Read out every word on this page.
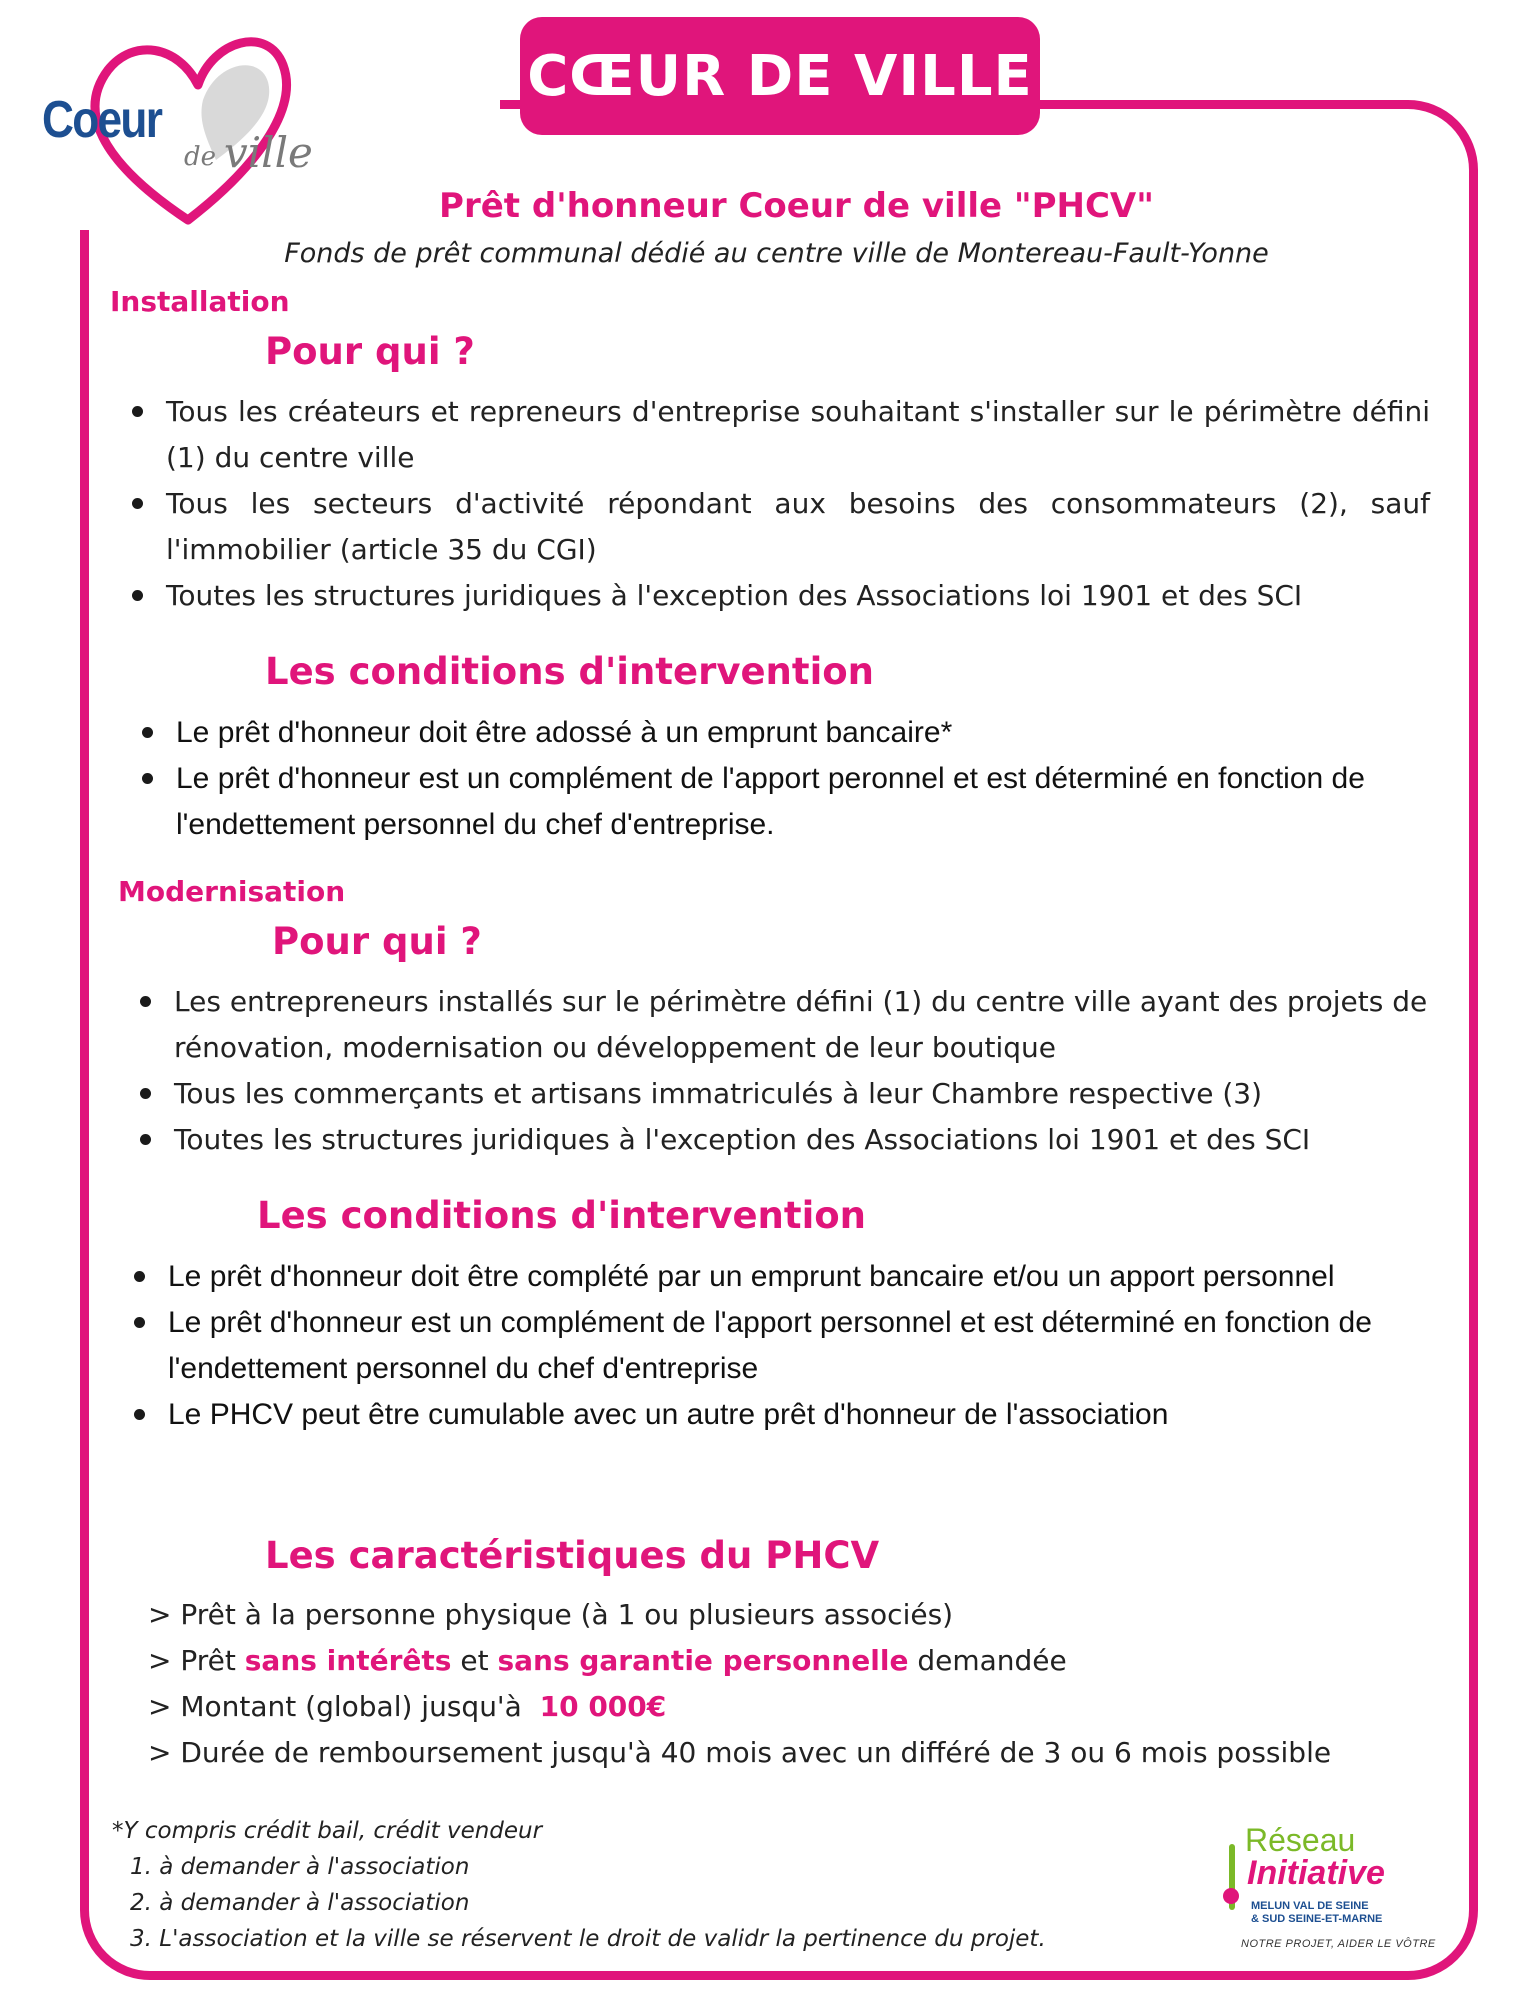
CŒUR DE VILLE
Coeur
de ville
Prêt d'honneur Coeur de ville "PHCV"
Fonds de prêt communal dédié au centre ville de Montereau-Fault-Yonne
Installation
Pour qui ?
Tous les créateurs et repreneurs d'entreprise souhaitant s'installer sur le périmètre défini (1) du centre ville
Tous les secteurs d'activité répondant aux besoins des consommateurs (2), sauf l'immobilier (article 35 du CGI)
Toutes les structures juridiques à l'exception des Associations loi 1901 et des SCI
Les conditions d'intervention
Le prêt d'honneur doit être adossé à un emprunt bancaire*
Le prêt d'honneur est un complément de l'apport peronnel et est déterminé en fonction de l'endettement personnel du chef d'entreprise.
Modernisation
Pour qui ?
Les entrepreneurs installés sur le périmètre défini (1) du centre ville ayant des projets de rénovation, modernisation ou développement de leur boutique
Tous les commerçants et artisans immatriculés à leur Chambre respective (3)
Toutes les structures juridiques à l'exception des Associations loi 1901 et des SCI
Les conditions d'intervention
Le prêt d'honneur doit être complété par un emprunt bancaire et/ou un apport personnel
Le prêt d'honneur est un complément de l'apport personnel et est déterminé en fonction de l'endettement personnel du chef d'entreprise
Le PHCV peut être cumulable avec un autre prêt d'honneur de l'association
Les caractéristiques du PHCV

> Prêt à la personne physique (à 1 ou plusieurs associés)

> Prêt sans intérêts et sans garantie personnelle demandée

> Montant (global) jusqu'à  10 000€

> Durée de remboursement jusqu'à 40 mois avec un différé de 3 ou 6 mois possible

*Y compris crédit bail, crédit vendeur
1. à demander à l'association
2. à demander à l'association
3. L'association et la ville se réservent le droit de validr la pertinence du projet.
Réseau
Initiative
MELUN VAL DE SEINE
& SUD SEINE-ET-MARNE
NOTRE PROJET, AIDER LE VÔTRE
